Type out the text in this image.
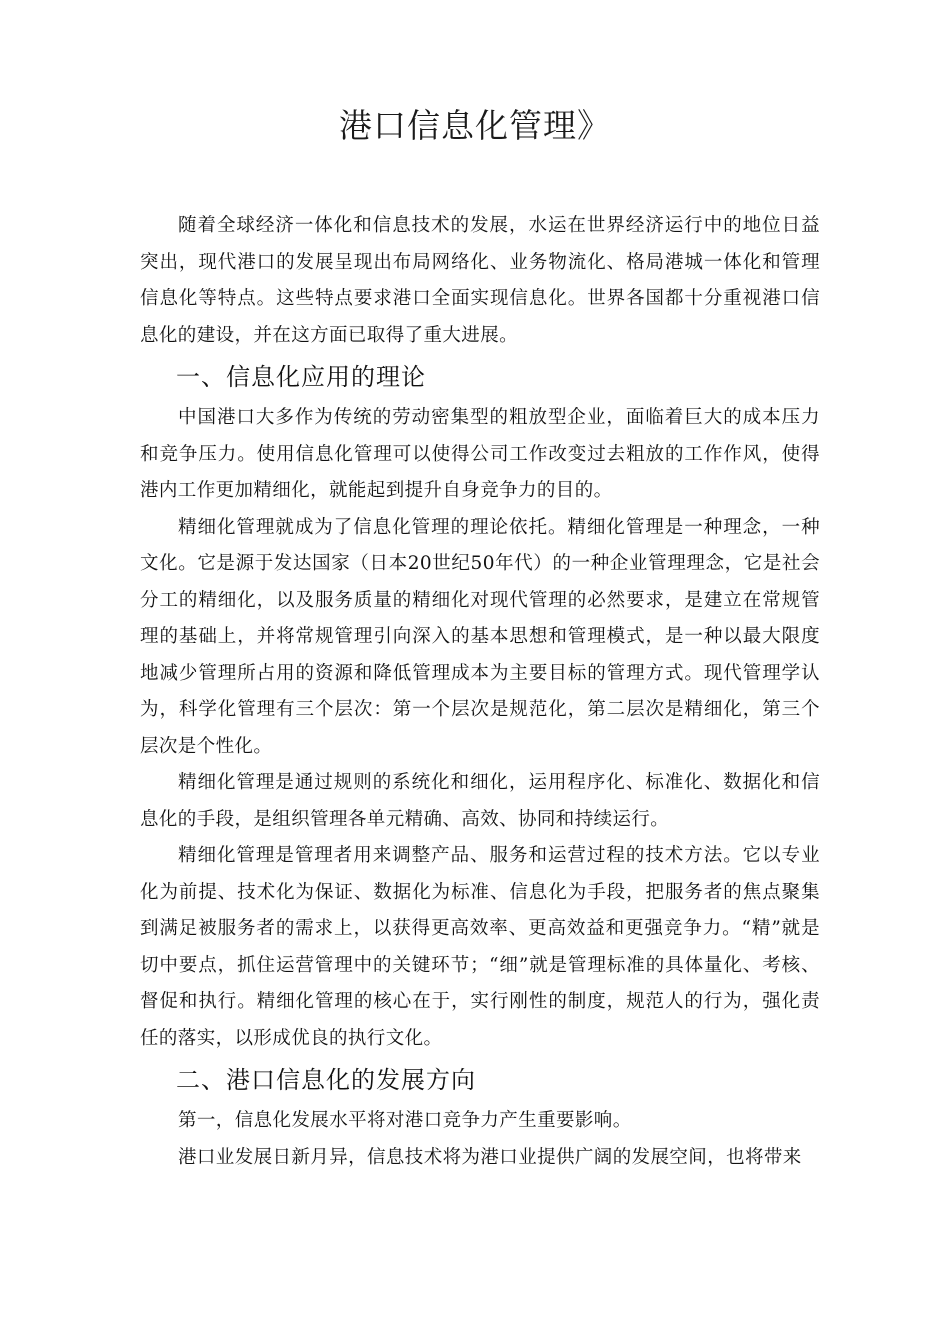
港口信息化管理》

随着全球经济一体化和信息技术的发展，水运在世界经济运行中的地位日益突出，现代港口的发展呈现出布局网络化、业务物流化、格局港城一体化和管理信息化等特点。这些特点要求港口全面实现信息化。世界各国都十分重视港口信息化的建设，并在这方面已取得了重大进展。

一、信息化应用的理论

中国港口大多作为传统的劳动密集型的粗放型企业，面临着巨大的成本压力和竞争压力。使用信息化管理可以使得公司工作改变过去粗放的工作作风，使得港内工作更加精细化，就能起到提升自身竞争力的目的。

精细化管理就成为了信息化管理的理论依托。精细化管理是一种理念，一种文化。它是源于发达国家（日本20世纪50年代）的一种企业管理理念，它是社会分工的精细化，以及服务质量的精细化对现代管理的必然要求，是建立在常规管理的基础上，并将常规管理引向深入的基本思想和管理模式，是一种以最大限度地减少管理所占用的资源和降低管理成本为主要目标的管理方式。现代管理学认为，科学化管理有三个层次：第一个层次是规范化，第二层次是精细化，第三个层次是个性化。

精细化管理是通过规则的系统化和细化，运用程序化、标准化、数据化和信息化的手段，是组织管理各单元精确、高效、协同和持续运行。

精细化管理是管理者用来调整产品、服务和运营过程的技术方法。它以专业化为前提、技术化为保证、数据化为标准、信息化为手段，把服务者的焦点聚集到满足被服务者的需求上，以获得更高效率、更高效益和更强竞争力。“精”就是切中要点，抓住运营管理中的关键环节；“细”就是管理标准的具体量化、考核、督促和执行。精细化管理的核心在于，实行刚性的制度，规范人的行为，强化责任的落实，以形成优良的执行文化。

二、港口信息化的发展方向

第一，信息化发展水平将对港口竞争力产生重要影响。

港口业发展日新月异，信息技术将为港口业提供广阔的发展空间，也将带来
